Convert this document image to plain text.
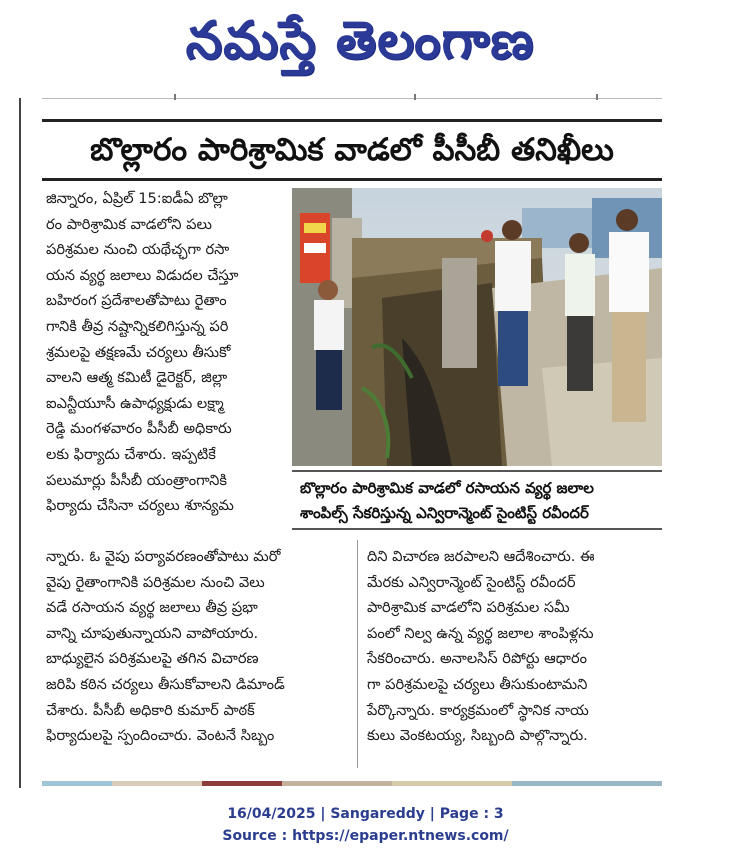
నమస్తే తెలంగాణ
బొల్లారం పారిశ్రామిక వాడలో పీసీబీ తనిఖీలు
జిన్నారం, ఏప్రిల్ 15:ఐడీఏ బొల్లా
రం పారిశ్రామిక వాడలోని పలు
పరిశ్రమల నుంచి యథేచ్ఛగా రసా
యన వ్యర్థ జలాలు విడుదల చేస్తూ
బహిరంగ ప్రదేశాలతోపాటు రైతాం
గానికి తీవ్ర నష్టాన్నికలిగిస్తున్న పరి
శ్రమలపై తక్షణమే చర్యలు తీసుకో
వాలని ఆత్మ కమిటీ డైరెక్టర్, జిల్లా
ఐఎన్టీయూసీ ఉపాధ్యక్షుడు లక్ష్మా
రెడ్డి మంగళవారం పీసీబీ అధికారు
లకు ఫిర్యాదు చేశారు. ఇప్పటికే
పలుమార్లు పీసీబీ యంత్రాంగానికి
ఫిర్యాదు చేసినా చర్యలు శూన్యమ
బొల్లారం పారిశ్రామిక వాడలో రసాయన వ్యర్థ జలాల
శాంపిల్స్ సేకరిస్తున్న ఎన్విరాన్మెంట్ సైంటిస్ట్ రవీందర్
న్నారు. ఓ వైపు పర్యావరణంతోపాటు మరో
వైపు రైతాంగానికి పరిశ్రమల నుంచి వెలు
వడే రసాయన వ్యర్థ జలాలు తీవ్ర ప్రభా
వాన్ని చూపుతున్నాయని వాపోయారు.
బాధ్యులైన పరిశ్రమలపై తగిన విచారణ
జరిపి కఠిన చర్యలు తీసుకోవాలని డిమాండ్
చేశారు. పీసీబీ అధికారి కుమార్ పాఠక్
ఫిర్యాదులపై స్పందించారు. వెంటనే సిబ్బం
దిని విచారణ జరపాలని ఆదేశించారు. ఈ
మేరకు ఎన్విరాన్మెంట్ సైంటిస్ట్ రవీందర్
పారిశ్రామిక వాడలోని పరిశ్రమల సమీ
పంలో నిల్వ ఉన్న వ్యర్థ జలాల శాంపిళ్లను
సేకరించారు. అనాలసిస్ రిపోర్టు ఆధారం
గా పరిశ్రమలపై చర్యలు తీసుకుంటామని
పేర్కొన్నారు. కార్యక్రమంలో స్థానిక నాయ
కులు వెంకటయ్య, సిబ్బంది పాల్గొన్నారు.
16/04/2025 | Sangareddy | Page : 3
Source : https://epaper.ntnews.com/
